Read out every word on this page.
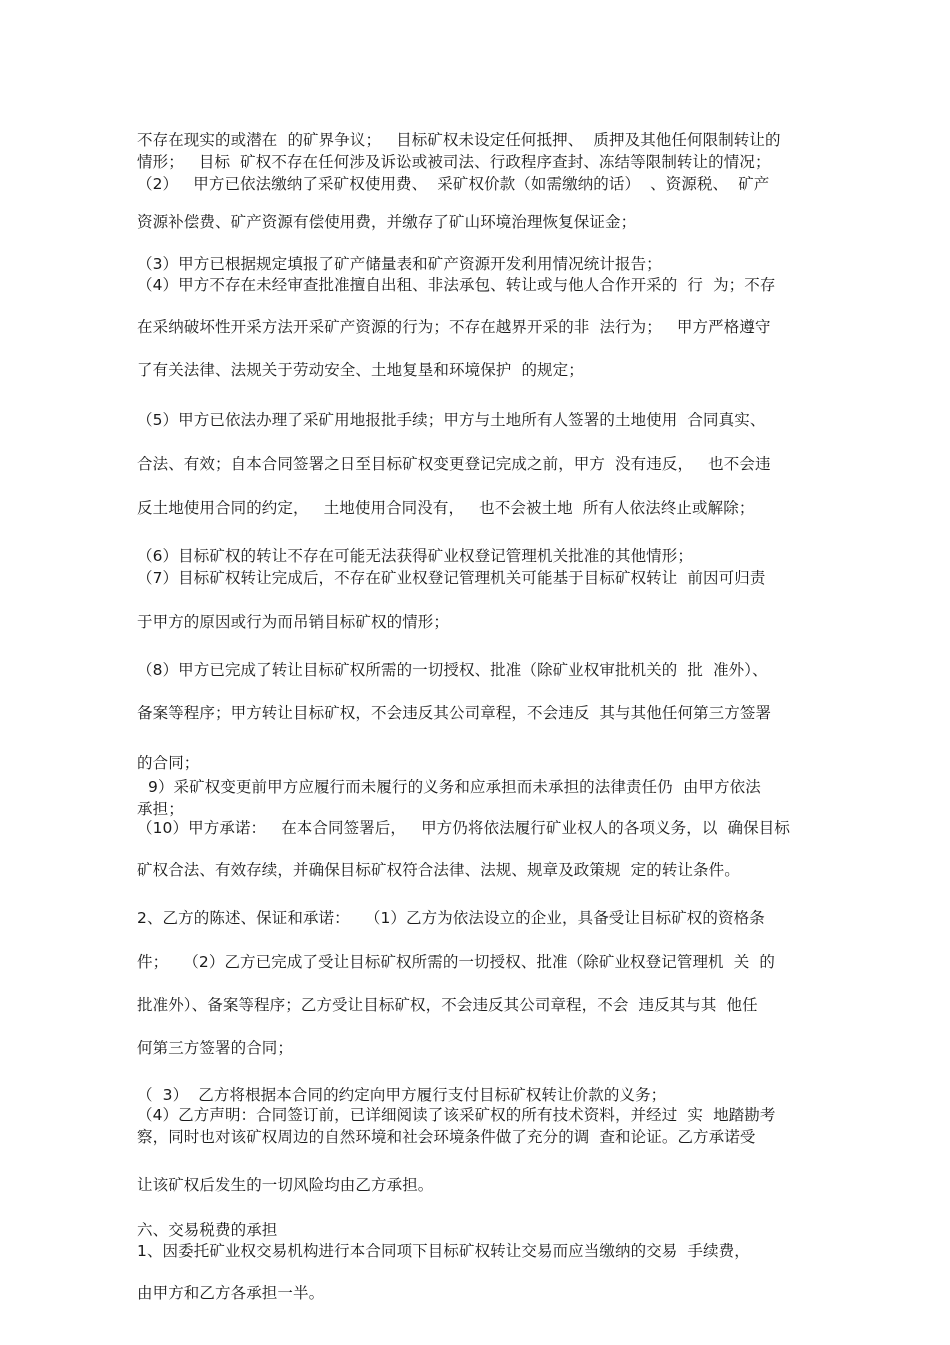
不存在现实的或潜在  的矿界争议；   目标矿权未设定任何抵押、  质押及其他任何限制转让的

情形；   目标  矿权不存在任何涉及诉讼或被司法、行政程序查封、冻结等限制转让的情况；

（2）   甲方已依法缴纳了采矿权使用费、  采矿权价款（如需缴纳的话）  、资源税、  矿产

资源补偿费、矿产资源有偿使用费，并缴存了矿山环境治理恢复保证金；

（3）甲方已根据规定填报了矿产储量表和矿产资源开发利用情况统计报告；

（4）甲方不存在未经审查批准擅自出租、非法承包、转让或与他人合作开采的  行  为；不存

在采纳破坏性开采方法开采矿产资源的行为；不存在越界开采的非  法行为；   甲方严格遵守

了有关法律、法规关于劳动安全、土地复垦和环境保护  的规定；

（5）甲方已依法办理了采矿用地报批手续；甲方与土地所有人签署的土地使用  合同真实、

合法、有效；自本合同签署之日至目标矿权变更登记完成之前，甲方  没有违反，   也不会违

反土地使用合同的约定，   土地使用合同没有，   也不会被土地  所有人依法终止或解除；

（6）目标矿权的转让不存在可能无法获得矿业权登记管理机关批准的其他情形；

（7）目标矿权转让完成后，不存在矿业权登记管理机关可能基于目标矿权转让  前因可归责

于甲方的原因或行为而吊销目标矿权的情形；

（8）甲方已完成了转让目标矿权所需的一切授权、批准（除矿业权审批机关的  批  准外）、

备案等程序；甲方转让目标矿权，不会违反其公司章程，不会违反  其与其他任何第三方签署

的合同；

9）采矿权变更前甲方应履行而未履行的义务和应承担而未承担的法律责任仍  由甲方依法

承担；

（10）甲方承诺：   在本合同签署后，   甲方仍将依法履行矿业权人的各项义务，以  确保目标

矿权合法、有效存续，并确保目标矿权符合法律、法规、规章及政策规  定的转让条件。

2、乙方的陈述、保证和承诺：   （1）乙方为依法设立的企业，具备受让目标矿权的资格条

件；   （2）乙方已完成了受让目标矿权所需的一切授权、批准（除矿业权登记管理机  关  的

批准外）、备案等程序；乙方受让目标矿权，不会违反其公司章程，不会  违反其与其  他任

何第三方签署的合同；

（  3）  乙方将根据本合同的约定向甲方履行支付目标矿权转让价款的义务；

（4）乙方声明：合同签订前，已详细阅读了该采矿权的所有技术资料，并经过  实  地踏勘考

察，同时也对该矿权周边的自然环境和社会环境条件做了充分的调  查和论证。乙方承诺受

让该矿权后发生的一切风险均由乙方承担。

六、交易税费的承担

1、因委托矿业权交易机构进行本合同项下目标矿权转让交易而应当缴纳的交易  手续费，

由甲方和乙方各承担一半。
